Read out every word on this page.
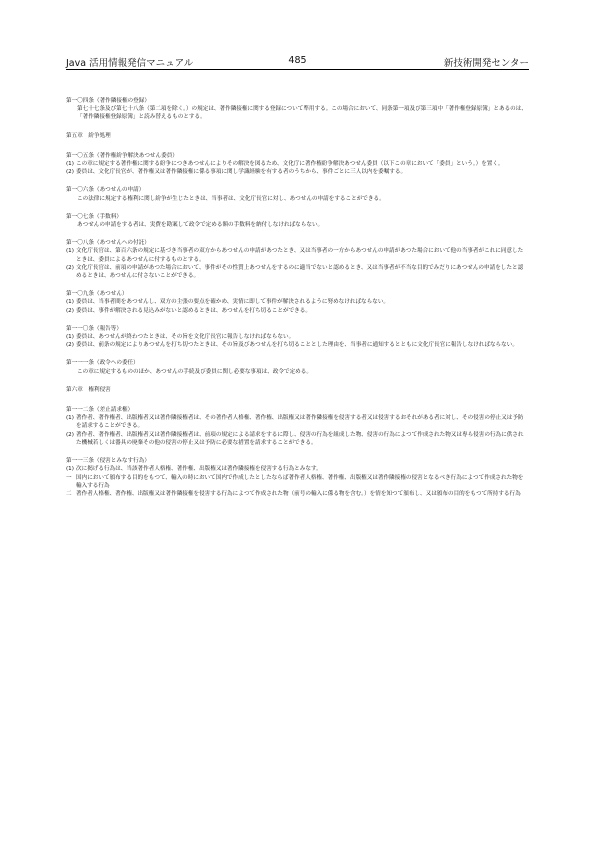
Java 活用情報発信マニュアル	485	新技術開発センター
第一〇四条（著作隣接権の登録）
第七十七条及び第七十八条（第二項を除く。）の規定は、著作隣接権に関する登録について準用する。この場合において、同条第一項及び第三項中「著作権登録原簿」とあるのは、「著作隣接権登録原簿」と読み替えるものとする。
第五章　紛争処理
第一〇五条（著作権紛争解決あつせん委員）
(1) この章に規定する著作権に関する紛争につきあつせんによりその解決を図るため、文化庁に著作権紛争解決あつせん委員（以下この章において「委員」という。）を置く。
(2) 委員は、文化庁長官が、著作権又は著作隣接権に係る事項に関し学識経験を有する者のうちから、事件ごとに三人以内を委嘱する。
第一〇六条（あつせんの申請）
この法律に規定する権利に関し紛争が生じたときは、当事者は、文化庁長官に対し、あつせんの申請をすることができる。
第一〇七条（手数料）
あつせんの申請をする者は、実費を勘案して政令で定める額の手数料を納付しなければならない。
第一〇八条（あつせんへの付託）
(1) 文化庁長官は、第百六条の規定に基づき当事者の双方からあつせんの申請があつたとき、又は当事者の一方からあつせんの申請があつた場合において他の当事者がこれに同意したときは、委員によるあつせんに付するものとする。
(2) 文化庁長官は、前項の申請があつた場合において、事件がその性質上あつせんをするのに適当でないと認めるとき、又は当事者が不当な目的でみだりにあつせんの申請をしたと認めるときは、あつせんに付さないことができる。
第一〇九条（あつせん）
(1) 委員は、当事者間をあつせんし、双方の主張の要点を確かめ、実情に即して事件が解決されるように努めなければならない。
(2) 委員は、事件が解決される見込みがないと認めるときは、あつせんを打ち切ることができる。
第一一〇条（報告等）
(1) 委員は、あつせんが終わつたときは、その旨を文化庁長官に報告しなければならない。
(2) 委員は、前条の規定によりあつせんを打ち切つたときは、その旨及びあつせんを打ち切ることとした理由を、当事者に通知するとともに文化庁長官に報告しなければならない。
第一一一条（政令への委任）
この章に規定するもののほか、あつせんの手続及び委員に関し必要な事項は、政令で定める。
第六章　権利侵害
第一一二条（差止請求権）
(1) 著作者、著作権者、出版権者又は著作隣接権者は、その著作者人格権、著作権、出版権又は著作隣接権を侵害する者又は侵害するおそれがある者に対し、その侵害の停止又は予防を請求することができる。
(2) 著作者、著作権者、出版権者又は著作隣接権者は、前項の規定による請求をするに際し、侵害の行為を組成した物、侵害の行為によつて作成された物又は専ら侵害の行為に供された機械若しくは器具の廃棄その他の侵害の停止又は予防に必要な措置を請求することができる。
第一一三条（侵害とみなす行為）
(1) 次に掲げる行為は、当該著作者人格権、著作権、出版権又は著作隣接権を侵害する行為とみなす。
一 国内において頒布する目的をもつて、輸入の時において国内で作成したとしたならば著作者人格権、著作権、出版権又は著作隣接権の侵害となるべき行為によつて作成された物を輸入する行為
二 著作者人格権、著作権、出版権又は著作隣接権を侵害する行為によつて作成された物（前号の輸入に係る物を含む。）を情を知つて頒布し、又は頒布の目的をもつて所持する行為
